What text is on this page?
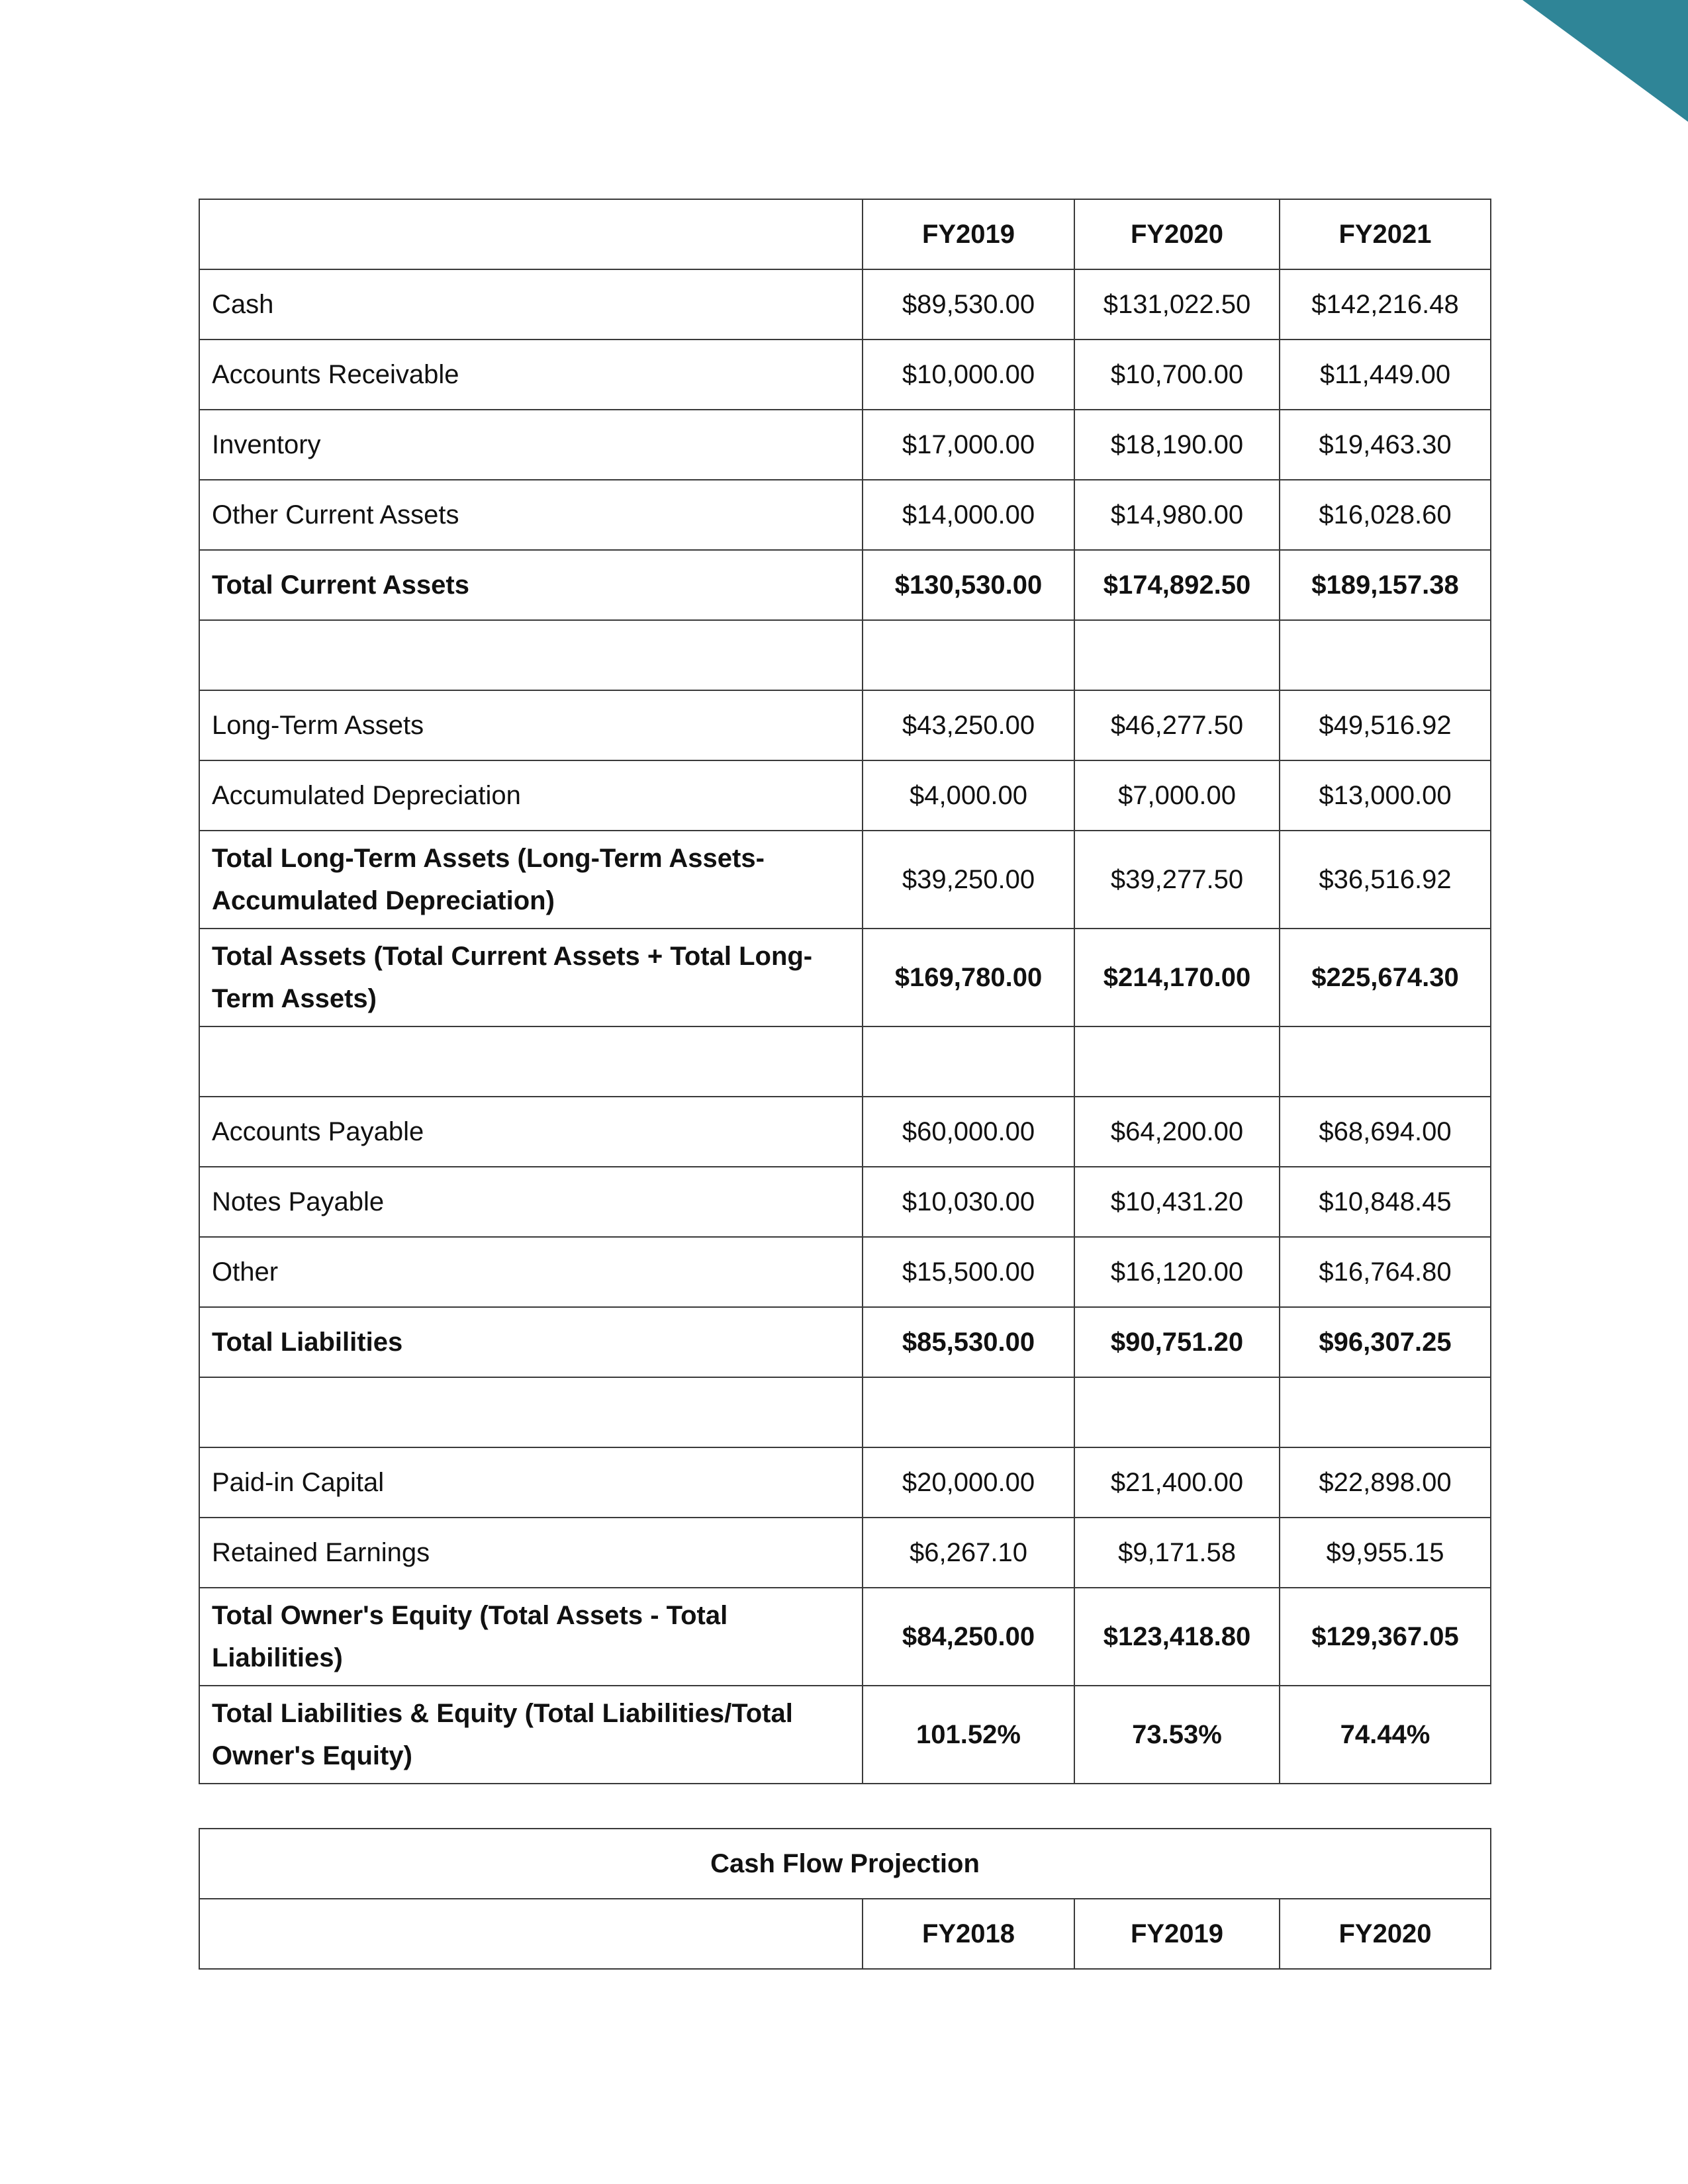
	FY2019	FY2020	FY2021
Cash	$89,530.00	$131,022.50	$142,216.48
Accounts Receivable	$10,000.00	$10,700.00	$11,449.00
Inventory	$17,000.00	$18,190.00	$19,463.30
Other Current Assets	$14,000.00	$14,980.00	$16,028.60
Total Current Assets	$130,530.00	$174,892.50	$189,157.38

Long-Term Assets	$43,250.00	$46,277.50	$49,516.92
Accumulated Depreciation	$4,000.00	$7,000.00	$13,000.00
Total Long-Term Assets (Long-Term Assets-Accumulated Depreciation)	$39,250.00	$39,277.50	$36,516.92
Total Assets (Total Current Assets + Total Long-Term Assets)	$169,780.00	$214,170.00	$225,674.30

Accounts Payable	$60,000.00	$64,200.00	$68,694.00
Notes Payable	$10,030.00	$10,431.20	$10,848.45
Other	$15,500.00	$16,120.00	$16,764.80
Total Liabilities	$85,530.00	$90,751.20	$96,307.25

Paid-in Capital	$20,000.00	$21,400.00	$22,898.00
Retained Earnings	$6,267.10	$9,171.58	$9,955.15
Total Owner's Equity (Total Assets - Total Liabilities)	$84,250.00	$123,418.80	$129,367.05
Total Liabilities & Equity (Total Liabilities/Total Owner's Equity)	101.52%	73.53%	74.44%
Cash Flow Projection
	FY2018	FY2019	FY2020
